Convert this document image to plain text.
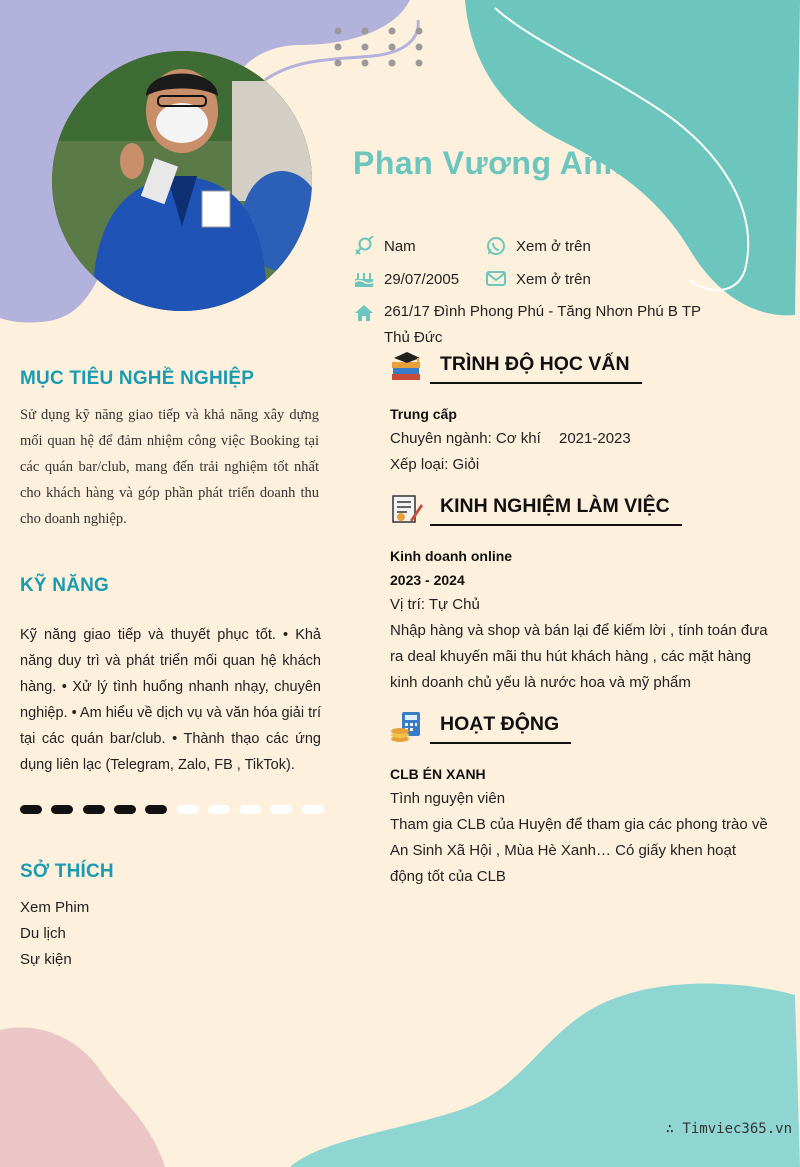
Phan Vương Anh kiệt
Nam	Xem ở trên
29/07/2005	Xem ở trên
261/17 Đình Phong Phú - Tăng Nhơn Phú B TP Thủ Đức
MỤC TIÊU NGHỀ NGHIỆP
Sử dụng kỹ năng giao tiếp và khả năng xây dựng mối quan hệ để đảm nhiệm công việc Booking tại các quán bar/club, mang đến trải nghiệm tốt nhất cho khách hàng và góp phần phát triển doanh thu cho doanh nghiệp.
KỸ NĂNG
Kỹ năng giao tiếp và thuyết phục tốt. • Khả năng duy trì và phát triển mối quan hệ khách hàng. • Xử lý tình huống nhanh nhạy, chuyên nghiệp. • Am hiểu về dịch vụ và văn hóa giải trí tại các quán bar/club. • Thành thạo các ứng dụng liên lạc (Telegram, Zalo, FB , TikTok).
SỞ THÍCH
Xem Phim
Du lịch
Sự kiện
TRÌNH ĐỘ HỌC VẤN
Trung cấp
Chuyên ngành: Cơ khí 2021-2023
Xếp loại: Giỏi
KINH NGHIỆM LÀM VIỆC
Kinh doanh online
2023 - 2024
Vị trí: Tự Chủ
Nhập hàng và shop và bán lại để kiếm lời , tính toán đưa ra deal khuyến mãi thu hút khách hàng , các mặt hàng kinh doanh chủ yếu là nước hoa và mỹ phẩm
HOẠT ĐỘNG
CLB ÉN XANH
Tình nguyện viên
Tham gia CLB của Huyện để tham gia các phong trào về An Sinh Xã Hội , Mùa Hè Xanh… Có giấy khen hoạt động tốt của CLB
∴ Timviec365.vn
